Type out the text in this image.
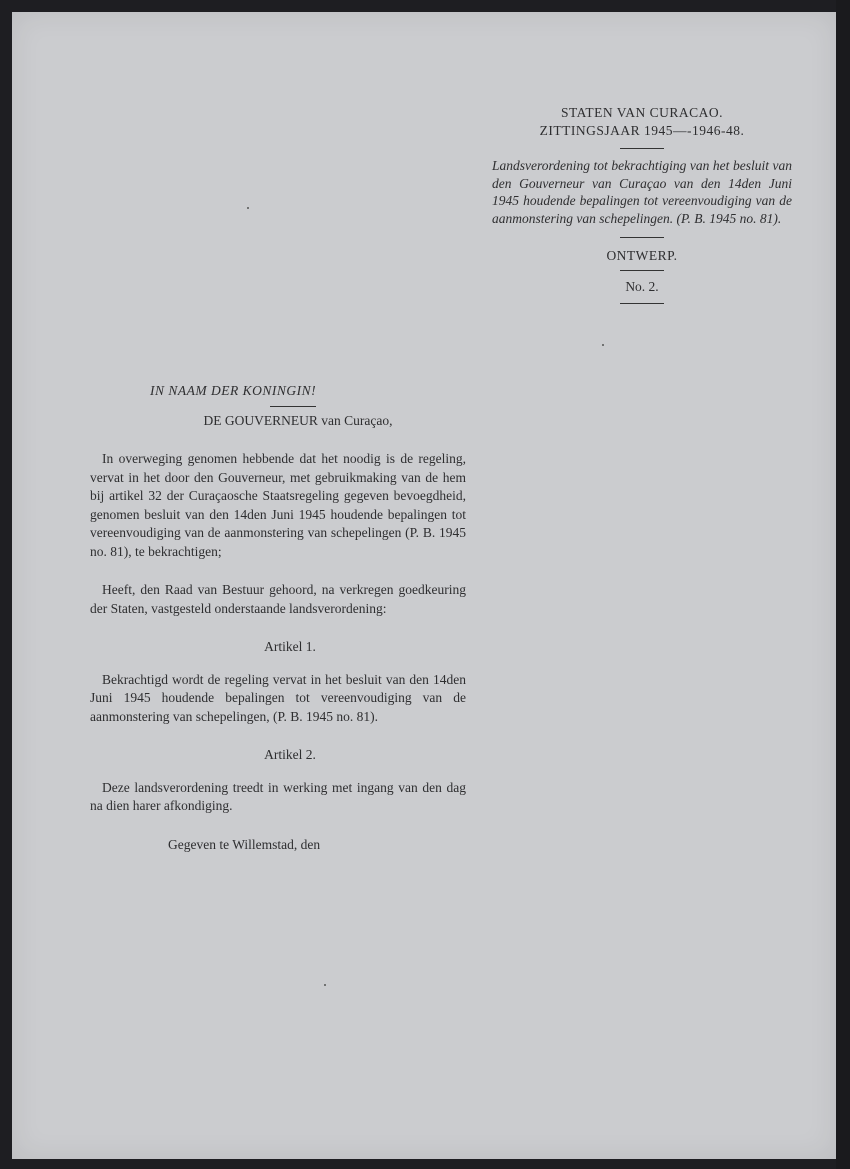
STATEN VAN CURACAO.
ZITTINGSJAAR 1945—-1946-48.
Landsverordening tot bekrachtiging van het besluit van den Gouverneur van Curaçao van den 14den Juni 1945 houdende bepalingen tot vereenvoudiging van de aanmonstering van schepelingen. (P. B. 1945 no. 81).
ONTWERP.
No. 2.
IN NAAM DER KONINGIN!
DE GOUVERNEUR van Curaçao,

In overweging genomen hebbende dat het noodig is de regeling, vervat in het door den Gouverneur, met gebruikmaking van de hem bij artikel 32 der Curaçaosche Staatsregeling gegeven bevoegdheid, genomen besluit van den 14den Juni 1945 houdende bepalingen tot vereenvoudiging van de aanmonstering van schepelingen (P. B. 1945 no. 81), te bekrachtigen;

Heeft, den Raad van Bestuur gehoord, na verkregen goedkeuring der Staten, vastgesteld onderstaande landsverordening:

Artikel 1.

Bekrachtigd wordt de regeling vervat in het besluit van den 14den Juni 1945 houdende bepalingen tot vereenvoudiging van de aanmonstering van schepelingen, (P. B. 1945 no. 81).

Artikel 2.

Deze landsverordening treedt in werking met ingang van den dag na dien harer afkondiging.

Gegeven te Willemstad, den
